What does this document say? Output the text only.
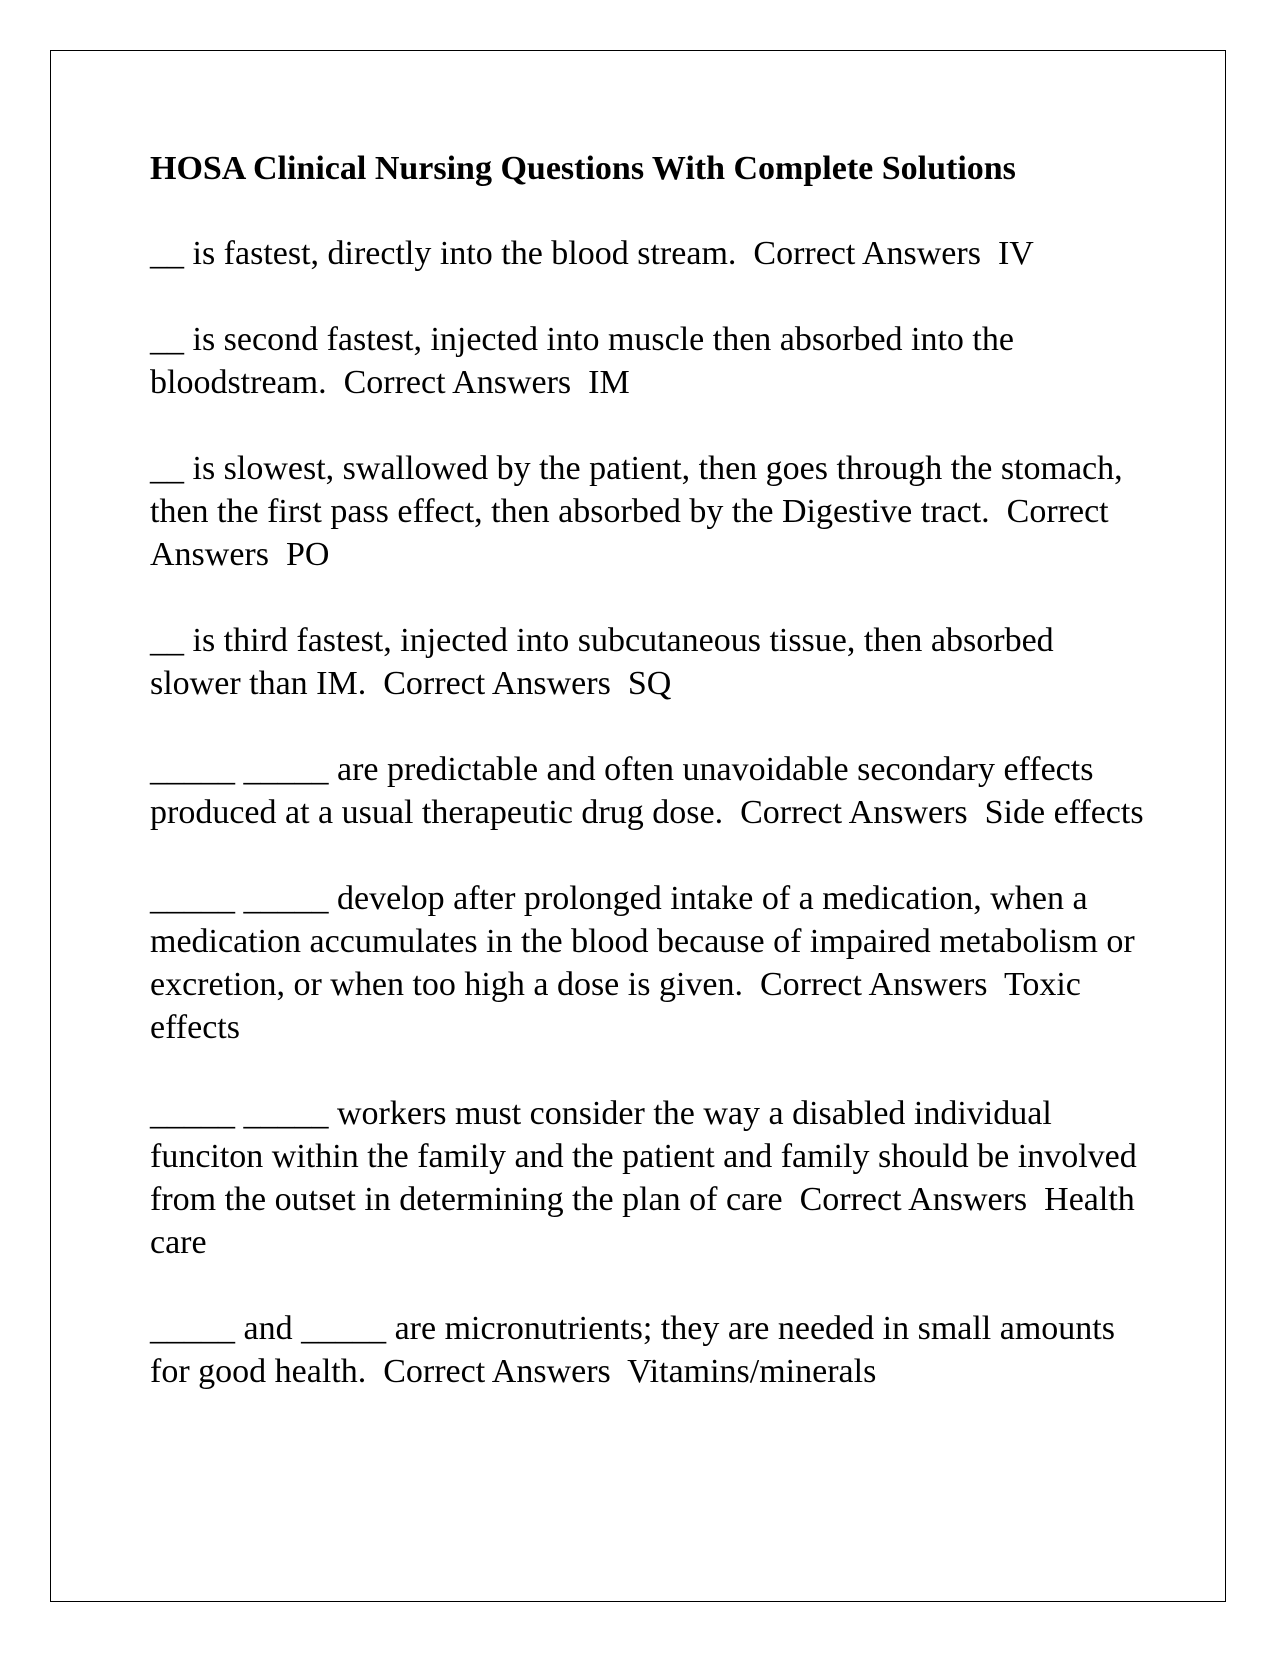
HOSA Clinical Nursing Questions With Complete Solutions
__ is fastest, directly into the blood stream. Correct Answers IV
__ is second fastest, injected into muscle then absorbed into the bloodstream. Correct Answers IM
__ is slowest, swallowed by the patient, then goes through the stomach, then the first pass effect, then absorbed by the Digestive tract. Correct Answers PO
__ is third fastest, injected into subcutaneous tissue, then absorbed slower than IM. Correct Answers SQ
_____ _____ are predictable and often unavoidable secondary effects produced at a usual therapeutic drug dose. Correct Answers Side effects
_____ _____ develop after prolonged intake of a medication, when a medication accumulates in the blood because of impaired metabolism or excretion, or when too high a dose is given. Correct Answers Toxic effects
_____ _____ workers must consider the way a disabled individual funciton within the family and the patient and family should be involved from the outset in determining the plan of care Correct Answers Health care
_____ and _____ are micronutrients; they are needed in small amounts for good health. Correct Answers Vitamins/minerals
